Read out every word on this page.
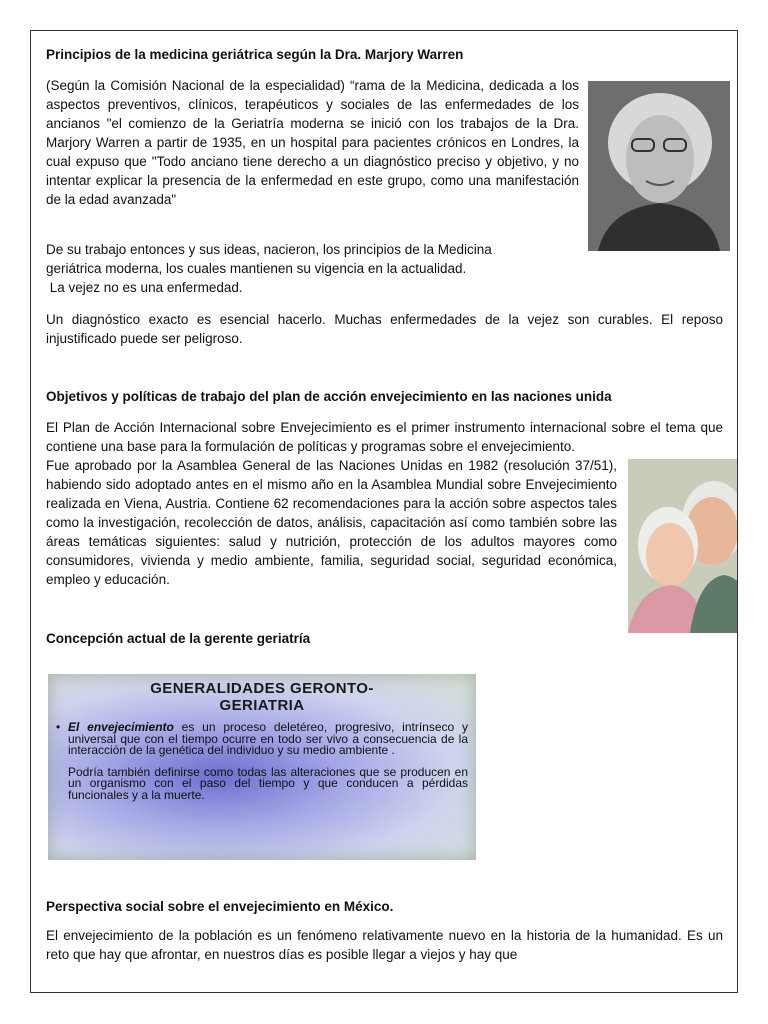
Principios de la medicina geriátrica según la Dra. Marjory Warren
(Según la Comisión Nacional de la especialidad) “rama de la Medicina, dedicada a los aspectos preventivos, clínicos, terapéuticos y sociales de las enfermedades de los ancianos "el comienzo de la Geriatría moderna se inició con los trabajos de la Dra. Marjory Warren a partir de 1935, en un hospital para pacientes crónicos en Londres, la cual expuso que "Todo anciano tiene derecho a un diagnóstico preciso y objetivo, y no intentar explicar la presencia de la enfermedad en este grupo, como una manifestación de la edad avanzada"
De su trabajo entonces y sus ideas, nacieron, los principios de la Medicina
geriátrica moderna, los cuales mantienen su vigencia en la actualidad.
La vejez no es una enfermedad.
Un diagnóstico exacto es esencial hacerlo. Muchas enfermedades de la vejez son curables. El reposo injustificado puede ser peligroso.
Objetivos y políticas de trabajo del plan de acción envejecimiento en las naciones unida
El Plan de Acción Internacional sobre Envejecimiento es el primer instrumento internacional sobre el tema que contiene una base para la formulación de políticas y programas sobre el envejecimiento.
Fue aprobado por la Asamblea General de las Naciones Unidas en 1982 (resolución 37/51), habiendo sido adoptado antes en el mismo año en la Asamblea Mundial sobre Envejecimiento realizada en Viena, Austria. Contiene 62 recomendaciones para la acción sobre aspectos tales como la investigación, recolección de datos, análisis, capacitación así como también sobre las áreas temáticas siguientes: salud y nutrición, protección de los adultos mayores como consumidores, vivienda y medio ambiente, familia, seguridad social, seguridad económica, empleo y educación.
Concepción actual de la gerente geriatría
GENERALIDADES GERONTO-
GERIATRIA
• El envejecimiento es un proceso deletéreo, progresivo, intrínseco y universal que con el tiempo ocurre en todo ser vivo a consecuencia de la interacción de la genética del individuo y su medio ambiente .
Podría también definirse como todas las alteraciones que se producen en un organismo con el paso del tiempo y que conducen a pérdidas funcionales y a la muerte.
Perspectiva social sobre el envejecimiento en México.
El envejecimiento de la población es un fenómeno relativamente nuevo en la historia de la humanidad. Es un reto que hay que afrontar, en nuestros días es posible llegar a viejos y hay que
